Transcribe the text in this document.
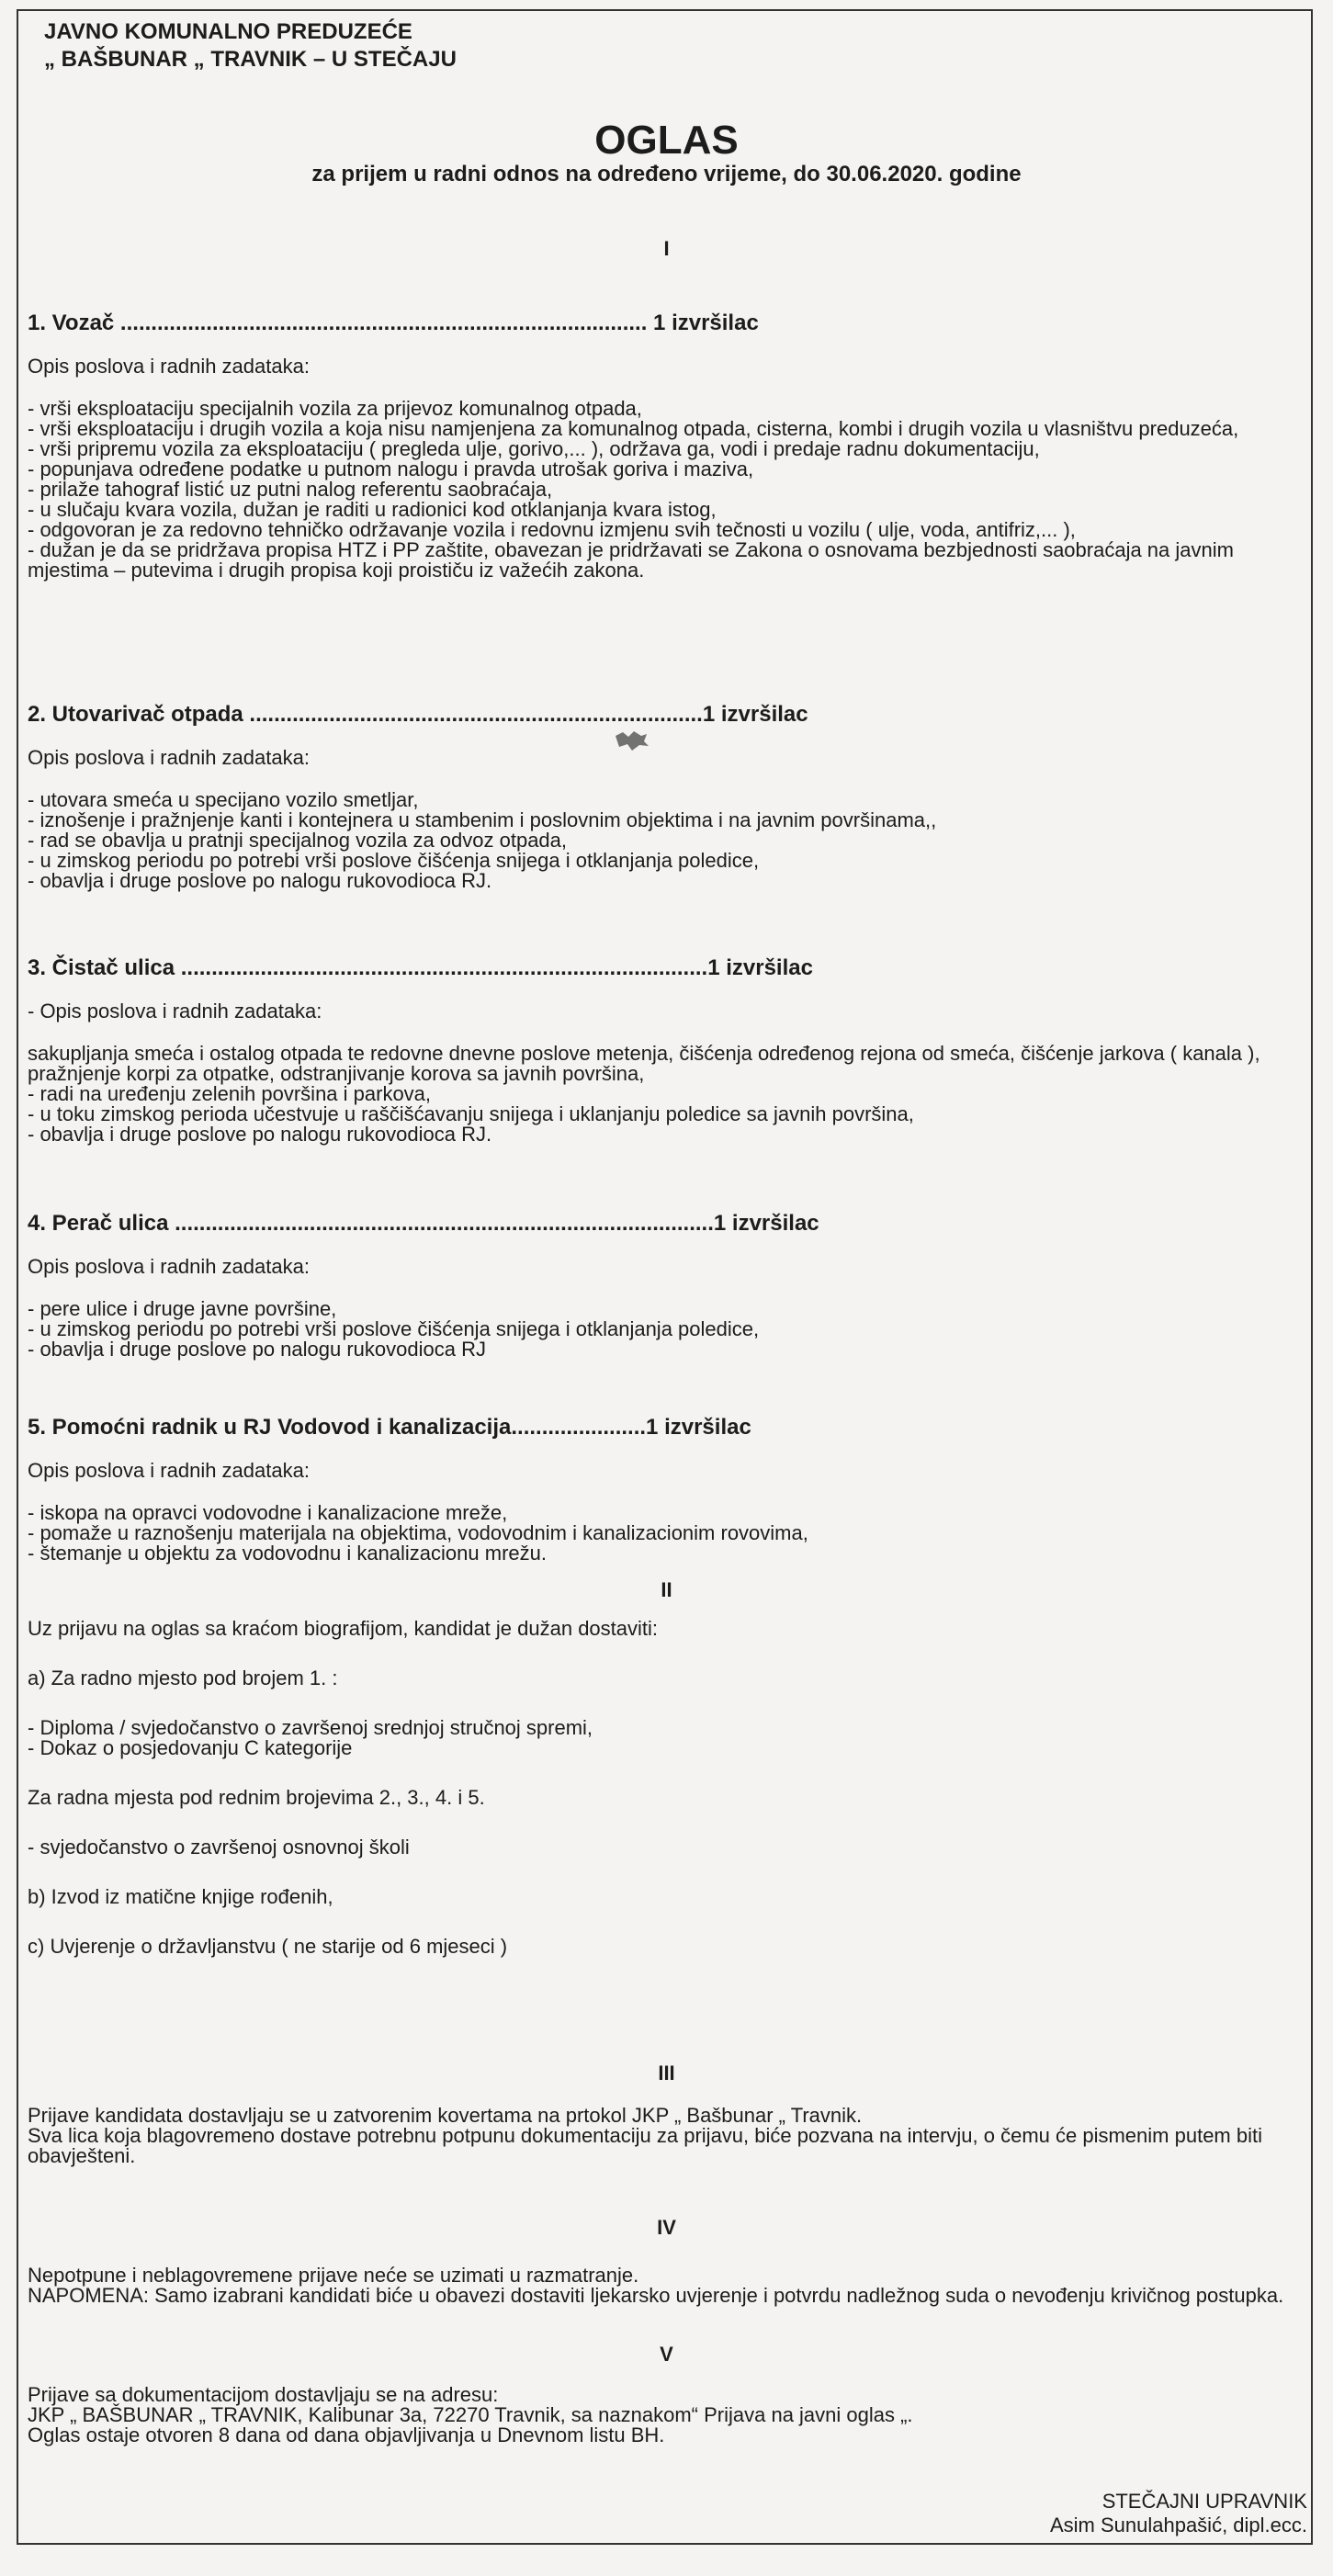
JAVNO KOMUNALNO PREDUZEĆE
„ BAŠBUNAR „ TRAVNIK – U STEČAJU
OGLAS
za prijem u radni odnos na određeno vrijeme, do 30.06.2020. godine
I
1. Vozač ...................................................................................... 1 izvršilac
Opis poslova i radnih zadataka:
- vrši eksploataciju specijalnih vozila za prijevoz komunalnog otpada,
- vrši eksploataciju i drugih vozila a koja nisu namjenjena za komunalnog otpada, cisterna, kombi i drugih vozila u vlasništvu preduzeća,
- vrši pripremu vozila za eksploataciju ( pregleda ulje, gorivo,... ), održava ga, vodi i predaje radnu dokumentaciju,
- popunjava određene podatke u putnom nalogu i pravda utrošak goriva i maziva,
- prilaže tahograf listić uz putni nalog referentu saobraćaja,
- u slučaju kvara vozila, dužan je raditi u radionici kod otklanjanja kvara istog,
- odgovoran je za redovno tehničko održavanje vozila i redovnu izmjenu svih tečnosti u vozilu ( ulje, voda, antifriz,... ),
- dužan je da se pridržava propisa HTZ i PP zaštite, obavezan je pridržavati se Zakona o osnovama bezbjednosti saobraćaja na javnim mjestima – putevima i drugih propisa koji proističu iz važećih zakona.
2. Utovarivač otpada ..........................................................................1 izvršilac
Opis poslova i radnih zadataka:
- utovara smeća u specijano vozilo smetljar,
- iznošenje i pražnjenje kanti i kontejnera u stambenim i poslovnim objektima i na javnim površinama,,
- rad se obavlja u pratnji specijalnog vozila za odvoz otpada,
- u zimskog periodu po potrebi vrši poslove čišćenja snijega i otklanjanja poledice,
- obavlja i druge poslove po nalogu rukovodioca RJ.
3. Čistač ulica ......................................................................................1 izvršilac
- Opis poslova i radnih zadataka:
sakupljanja smeća i ostalog otpada te redovne dnevne poslove metenja, čišćenja određenog rejona od smeća, čišćenje jarkova ( kanala ), pražnjenje korpi za otpatke, odstranjivanje korova sa javnih površina,
- radi na uređenju zelenih površina i parkova,
- u toku zimskog perioda učestvuje u raščišćavanju snijega i uklanjanju poledice sa javnih površina,
- obavlja i druge poslove po nalogu rukovodioca RJ.
4. Perač ulica ........................................................................................1 izvršilac
Opis poslova i radnih zadataka:
- pere ulice i druge javne površine,
- u zimskog periodu po potrebi vrši poslove čišćenja snijega i otklanjanja poledice,
- obavlja i druge poslove po nalogu rukovodioca RJ
5. Pomoćni radnik u RJ Vodovod i kanalizacija......................1 izvršilac
Opis poslova i radnih zadataka:
- iskopa na opravci vodovodne i kanalizacione mreže,
- pomaže u raznošenju materijala na objektima, vodovodnim i kanalizacionim rovovima,
- štemanje u objektu za vodovodnu i kanalizacionu mrežu.
II
Uz prijavu na oglas sa kraćom biografijom, kandidat je dužan dostaviti:
a) Za radno mjesto pod brojem 1. :
- Diploma / svjedočanstvo o završenoj srednjoj stručnoj spremi,
- Dokaz o posjedovanju C kategorije
Za radna mjesta pod rednim brojevima 2., 3., 4. i 5.
- svjedočanstvo o završenoj osnovnoj školi
b) Izvod iz matične knjige rođenih,
c) Uvjerenje o državljanstvu ( ne starije od 6 mjeseci )
III
Prijave kandidata dostavljaju se u zatvorenim kovertama na prtokol JKP „ Bašbunar „ Travnik.
Sva lica koja blagovremeno dostave potrebnu potpunu dokumentaciju za prijavu, biće pozvana na intervju, o čemu će pismenim putem biti obavješteni.
IV
Nepotpune i neblagovremene prijave neće se uzimati u razmatranje.
NAPOMENA: Samo izabrani kandidati biće u obavezi dostaviti ljekarsko uvjerenje i potvrdu nadležnog suda o nevođenju krivičnog postupka.
V
Prijave sa dokumentacijom dostavljaju se na adresu:
JKP „ BAŠBUNAR „ TRAVNIK, Kalibunar 3a, 72270 Travnik, sa naznakom“ Prijava na javni oglas „.
Oglas ostaje otvoren 8 dana od dana objavljivanja u Dnevnom listu BH.
STEČAJNI UPRAVNIK
Asim Sunulahpašić, dipl.ecc.
